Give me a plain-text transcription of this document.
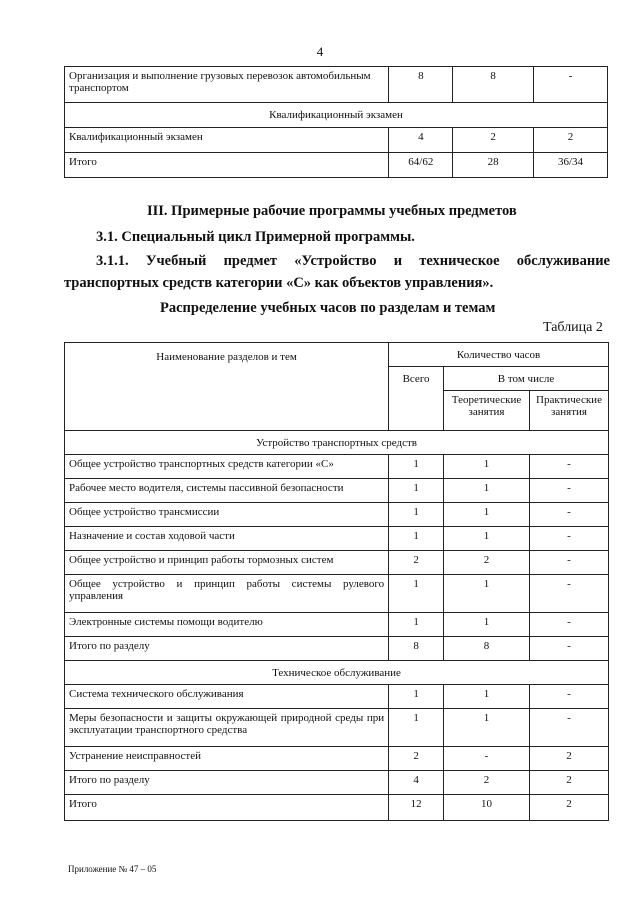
4
Организация и выполнение грузовых перевозок автомобильным транспортом	8	8	-
Квалификационный экзамен			
Квалификационный экзамен	4	2	2
Итого	64/62	28	36/34
III. Примерные рабочие программы учебных предметов
3.1. Специальный цикл Примерной программы.
3.1.1. Учебный предмет «Устройство и техническое обслуживание
транспортных средств категории «C» как объектов управления».
Распределение учебных часов по разделам и темам
Таблица 2
Наименование разделов и тем	Количество часов		
	Всего	В том числе	
		Теоретические занятия	Практические занятия
Устройство транспортных средств			
Общее устройство транспортных средств категории «C»	1	1	-
Рабочее место водителя, системы пассивной безопасности	1	1	-
Общее устройство трансмиссии	1	1	-
Назначение и состав ходовой части	1	1	-
Общее устройство и принцип работы тормозных систем	2	2	-
Общее устройство и принцип работы системы рулевого управления	1	1	-
Электронные системы помощи водителю	1	1	-
Итого по разделу	8	8	-
Техническое обслуживание			
Система технического обслуживания	1	1	-
Меры безопасности и защиты окружающей природной среды при эксплуатации транспортного средства	1	1	-
Устранение неисправностей	2	-	2
Итого по разделу	4	2	2
Итого	12	10	2
Приложение № 47 – 05
